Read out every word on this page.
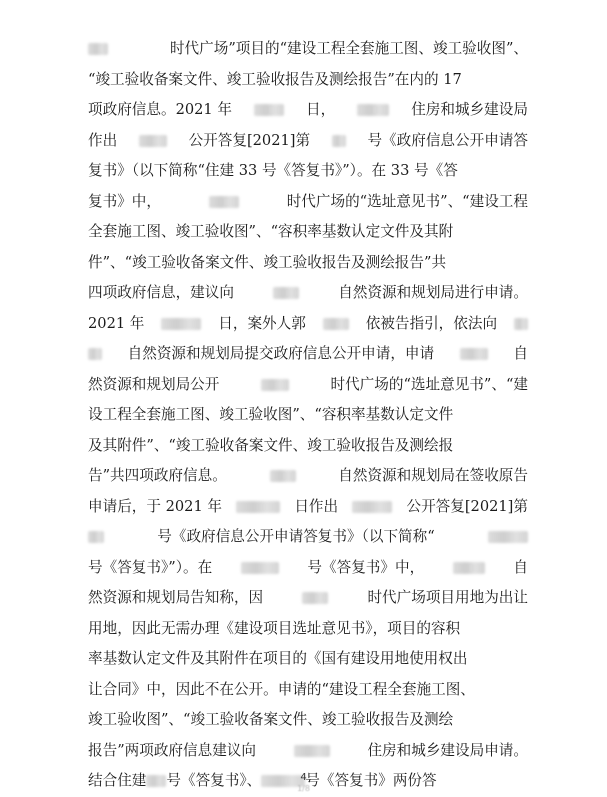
时代广场”项目的“建设工程全套施工图、竣工验收图”、
“竣工验收备案文件、竣工验收报告及测绘报告”在内的 17
项政府信息。2021 年	日，	住房和城乡建设局
作出	公开答复[2021]第	号《政府信息公开申请答
复书》（以下简称“住建 33 号《答复书》”）。在 33 号《答
复书》中，	时代广场的“选址意见书”、“建设工程
全套施工图、竣工验收图”、“容积率基数认定文件及其附
件”、“竣工验收备案文件、竣工验收报告及测绘报告”共
四项政府信息，建议向	自然资源和规划局进行申请。
2021 年	日，案外人郭	依被告指引，依法向
自然资源和规划局提交政府信息公开申请，申请	自
然资源和规划局公开	时代广场的“选址意见书”、“建
设工程全套施工图、竣工验收图”、“容积率基数认定文件
及其附件”、“竣工验收备案文件、竣工验收报告及测绘报
告”共四项政府信息。	自然资源和规划局在签收原告
申请后，于 2021 年	日作出	公开答复[2021]第
号《政府信息公开申请答复书》（以下简称“
号《答复书》”）。在	号《答复书》中，	自
然资源和规划局告知称，因	时代广场项目用地为出让
用地，因此无需办理《建设项目选址意见书》，项目的容积
率基数认定文件及其附件在项目的《国有建设用地使用权出
让合同》中，因此不在公开。申请的“建设工程全套施工图、
竣工验收图”、“竣工验收备案文件、竣工验收报告及测绘
报告”两项政府信息建议向	住房和城乡建设局申请。
结合住建 号《答复书》、	号《答复书》两份答
4
1/8
